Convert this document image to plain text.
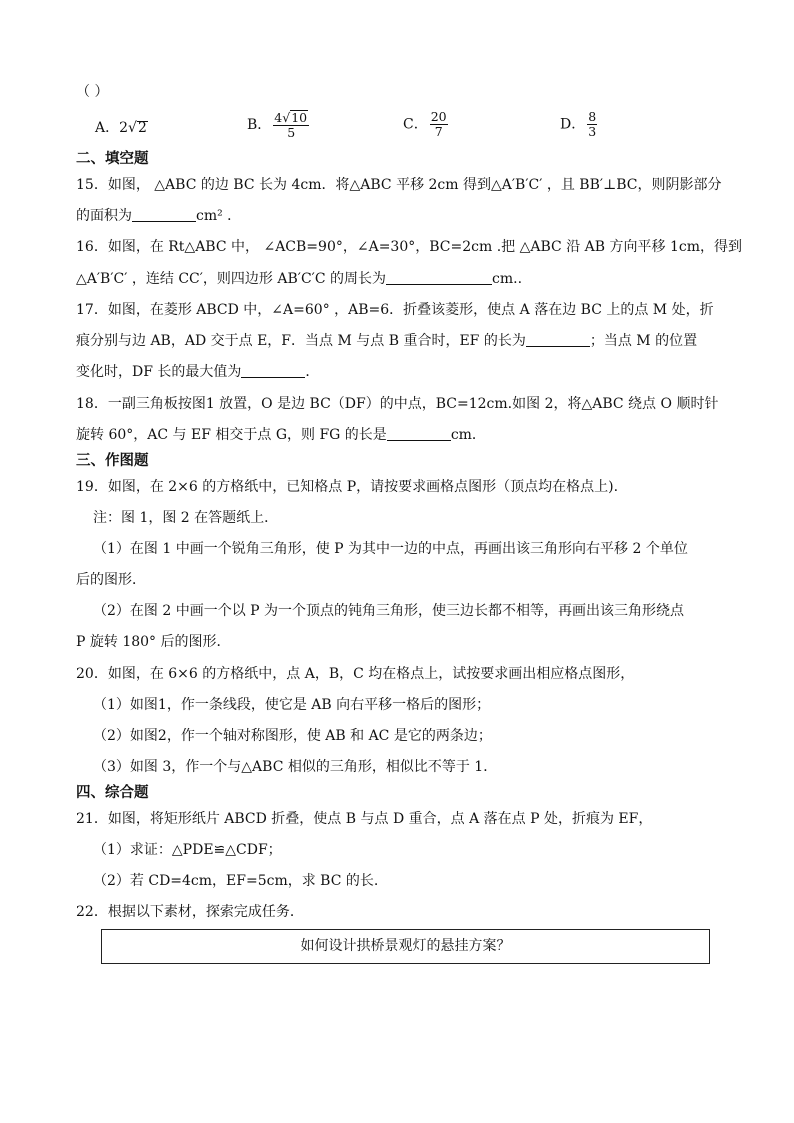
（ ）
A．2√2	B． $\frac{4√10}{5}$	C． $\frac{20}{7}$	D． $\frac{8}{3}$
二、填空题
15．如图， △ABC 的边 BC 长为 4cm．将△ABC 平移 2cm 得到△A′B′C′ ，且 BB′⊥BC，则阴影部分
的面积为	cm² ．
16．如图，在 Rt△ABC 中， ∠ACB=90°，∠A=30°，BC=2cm .把 △ABC 沿 AB 方向平移 1cm，得到
△A′B′C′ ，连结 CC′，则四边形 AB′C′C 的周长为	cm..
17．如图，在菱形 ABCD 中，∠A=60° ，AB=6．折叠该菱形，使点 A 落在边 BC 上的点 M 处，折
痕分别与边 AB，AD 交于点 E，F．当点 M 与点 B 重合时，EF 的长为	；当点 M 的位置
变化时，DF 长的最大值为	．
18．一副三角板按图1 放置，O 是边 BC（DF）的中点，BC=12cm.如图 2，将△ABC 绕点 O 顺时针
旋转 60°，AC 与 EF 相交于点 G，则 FG 的长是	cm．
三、作图题
19．如图，在 2×6 的方格纸中，已知格点 P，请按要求画格点图形（顶点均在格点上).
注：图 1，图 2 在答题纸上．
（1）在图 1 中画一个锐角三角形，使 P 为其中一边的中点，再画出该三角形向右平移 2 个单位
后的图形．
（2）在图 2 中画一个以 P 为一个顶点的钝角三角形，使三边长都不相等，再画出该三角形绕点
P 旋转 180° 后的图形．
20．如图，在 6×6 的方格纸中，点 A，B，C 均在格点上，试按要求画出相应格点图形，
（1）如图1，作一条线段，使它是 AB 向右平移一格后的图形；
（2）如图2，作一个轴对称图形，使 AB 和 AC 是它的两条边；
（3）如图 3，作一个与△ABC 相似的三角形，相似比不等于 1．
四、综合题
21．如图，将矩形纸片 ABCD 折叠，使点 B 与点 D 重合，点 A 落在点 P 处，折痕为 EF，
（1）求证：△PDE≌△CDF；
（2）若 CD=4cm，EF=5cm，求 BC 的长.
22．根据以下素材，探索完成任务．
如何设计拱桥景观灯的悬挂方案？
